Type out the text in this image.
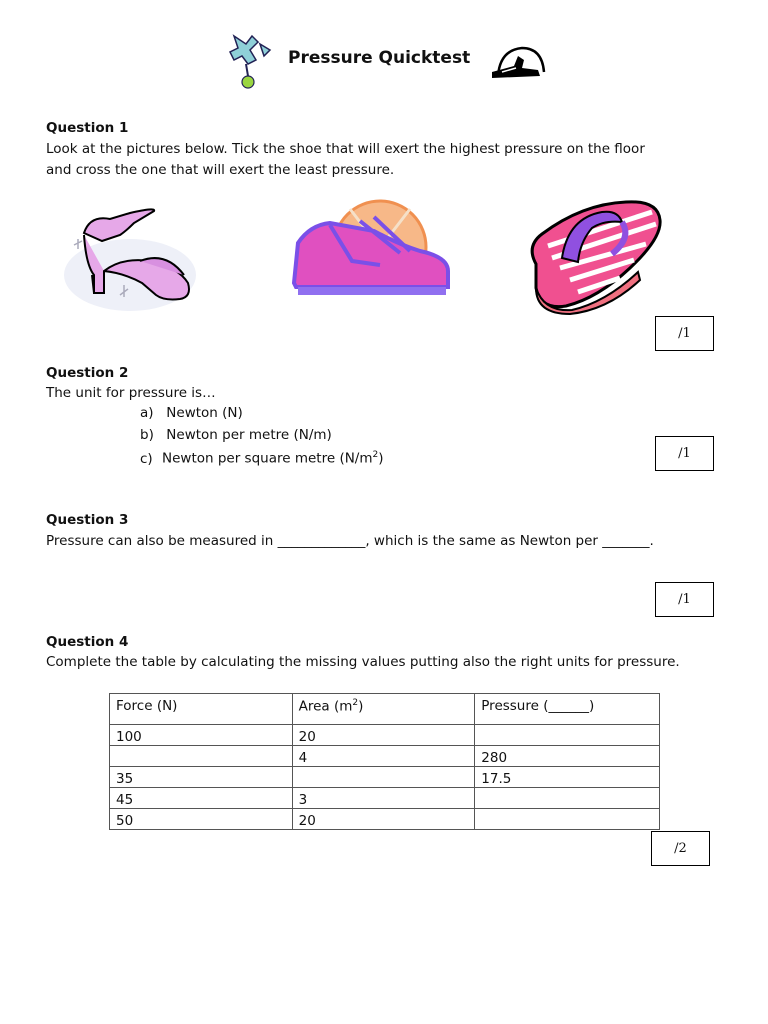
Pressure Quicktest
Question 1
Look at the pictures below. Tick the shoe that will exert the highest pressure on the floor
and cross the one that will exert the least pressure.
/1
Question 2
The unit for pressure is…
a) Newton (N)
b) Newton per metre (N/m)
c) Newton per square metre $(N/m^2)$	/1
Question 3
Pressure can also be measured in _____________, which is the same as Newton per _______.
/1
Question 4
Complete the table by calculating the missing values putting also the right units for pressure.
Force (N)	Area $(m^2)$	Pressure (______)
100	20	
	4	280
35		17.5
45	3	
50	20	
/2
